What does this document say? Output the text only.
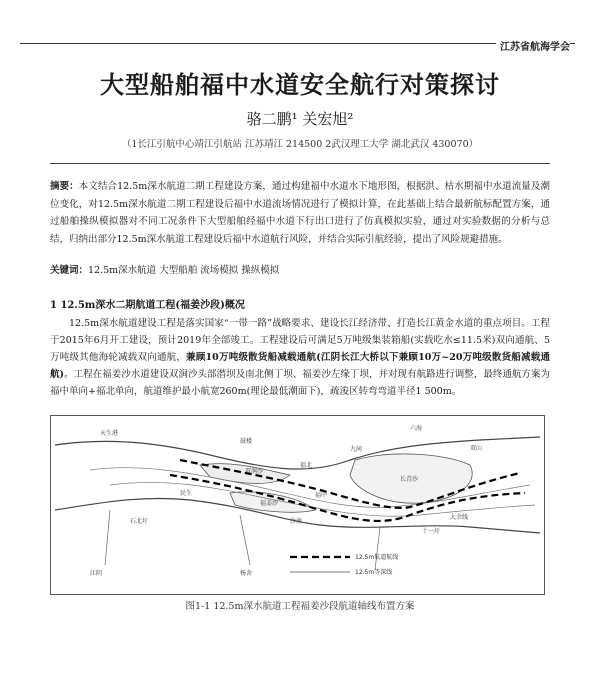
江苏省航海学会
大型船舶福中水道安全航行对策探讨
骆二鹏¹ 关宏旭²
（1长江引航中心靖江引航站 江苏靖江 214500 2武汉理工大学 湖北武汉 430070）
摘要：本文结合12.5m深水航道二期工程建设方案，通过构建福中水道水下地形图，根据洪、枯水期福中水道流量及潮位变化，对12.5m深水航道二期工程建设后福中水道流场情况进行了模拟计算，在此基础上结合最新航标配置方案，通过船舶操纵模拟器对不同工况条件下大型船舶经福中水道下行出口进行了仿真模拟实验，通过对实验数据的分析与总结，归纳出部分12.5m深水航道工程建设后福中水道航行风险，并结合实际引航经验，提出了风险规避措施。
关键词：12.5m深水航道 大型船舶 流场模拟 操纵模拟
1 12.5m深水二期航道工程(福姜沙段)概况
12.5m深水航道建设工程是落实国家“一带一路”战略要求、建设长江经济带、打造长江黄金水道的重点项目。工程于2015年6月开工建设，预计2019年全部竣工。工程建设后可满足5万吨级集装箱船(实载吃水≤11.5米)双向通航、5万吨级其他海轮减载双向通航，兼顾10万吨级散货船减载通航(江阴长江大桥以下兼顾10万~20万吨级散货船减载通航)。工程在福姜沙水道建设双涧沙头部潜坝及南北侧丁坝、福姜沙左缘丁坝，并对现有航路进行调整，最终通航方案为福中单向+福北单向，航道维护最小航宽260m(理论最低潮面下)，疏浚区转弯弯道半径1 500m。
天生港
鼓楼
双涧沙
长青沙
六海
双山
九间
十一圩
大余线
福姜沙
民生	福中
福北
沙南
石北圩
江阴	杨舍
12.5m航道航线
12.5m等深线
图1-1 12.5m深水航道工程福姜沙段航道轴线布置方案
